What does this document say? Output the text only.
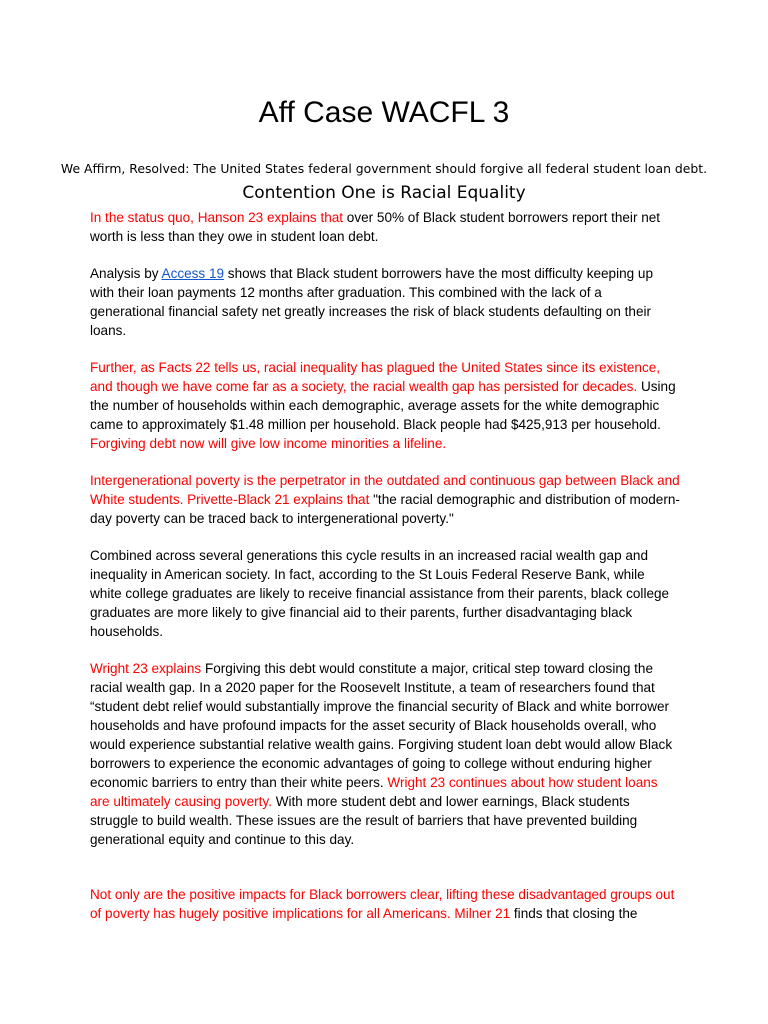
Aff Case WACFL 3
We Affirm, Resolved: The United States federal government should forgive all federal student loan debt.
Contention One is Racial Equality

In the status quo, Hanson 23 explains that over 50% of Black student borrowers report their net worth is less than they owe in student loan debt.

Analysis by Access 19 shows that Black student borrowers have the most difficulty keeping up with their loan payments 12 months after graduation. This combined with the lack of a generational financial safety net greatly increases the risk of black students defaulting on their loans.

Further, as Facts 22 tells us, racial inequality has plagued the United States since its existence, and though we have come far as a society, the racial wealth gap has persisted for decades. Using the number of households within each demographic, average assets for the white demographic came to approximately $1.48 million per household. Black people had $425,913 per household. Forgiving debt now will give low income minorities a lifeline.

Intergenerational poverty is the perpetrator in the outdated and continuous gap between Black and White students. Privette-Black 21 explains that "the racial demographic and distribution of modern-day poverty can be traced back to intergenerational poverty."

Combined across several generations this cycle results in an increased racial wealth gap and inequality in American society. In fact, according to the St Louis Federal Reserve Bank, while white college graduates are likely to receive financial assistance from their parents, black college graduates are more likely to give financial aid to their parents, further disadvantaging black households.

Wright 23 explains Forgiving this debt would constitute a major, critical step toward closing the racial wealth gap. In a 2020 paper for the Roosevelt Institute, a team of researchers found that “student debt relief would substantially improve the financial security of Black and white borrower households and have profound impacts for the asset security of Black households overall, who would experience substantial relative wealth gains. Forgiving student loan debt would allow Black borrowers to experience the economic advantages of going to college without enduring higher economic barriers to entry than their white peers. Wright 23 continues about how student loans are ultimately causing poverty. With more student debt and lower earnings, Black students struggle to build wealth. These issues are the result of barriers that have prevented building generational equity and continue to this day.

Not only are the positive impacts for Black borrowers clear, lifting these disadvantaged groups out of poverty has hugely positive implications for all Americans. Milner 21 finds that closing the
